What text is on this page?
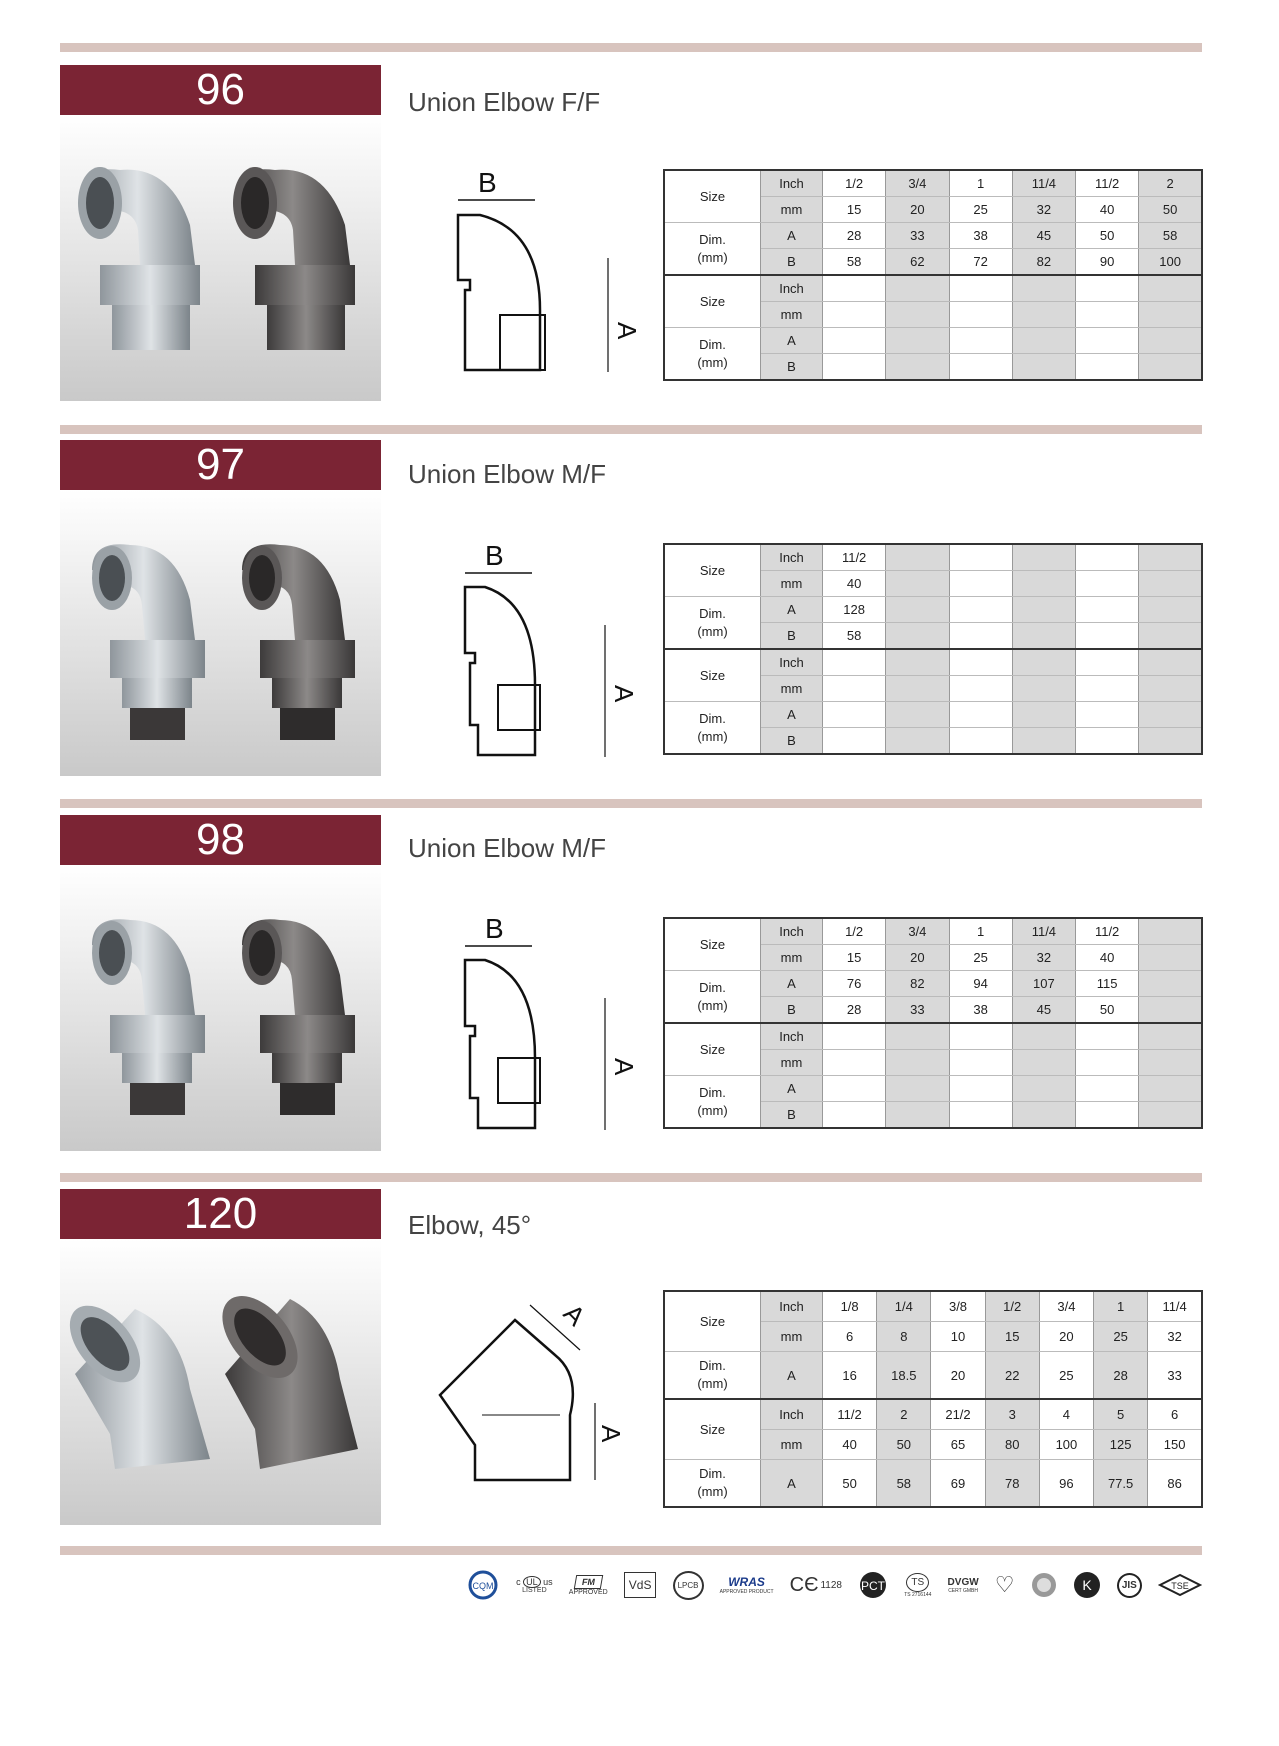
96	Union Elbow F/F
B
A
Size	Inch	1/2	3/4	1	11/4	11/2	2
	mm	15	20	25	32	40	50
Dim.
(mm)	A	28	33	38	45	50	58
	B	58	62	72	82	90	100
Size	Inch						
	mm						
Dim.
(mm)	A						
	B						
97	Union Elbow M/F
B
A
Size	Inch	11/2					
	mm	40					
Dim.
(mm)	A	128					
	B	58					
Size	Inch						
	mm						
Dim.
(mm)	A						
	B						
98	Union Elbow M/F
B
A
Size	Inch	1/2	3/4	1	11/4	11/2	
	mm	15	20	25	32	40	
Dim.
(mm)	A	76	82	94	107	115	
	B	28	33	38	45	50	
Size	Inch						
	mm						
Dim.
(mm)	A						
	B						
120	Elbow, 45°
A
A
Size	Inch	1/8	1/4	3/8	1/2	3/4	1	11/4
	mm	6	8	10	15	20	25	32
Dim.
(mm)	A	16	18.5	20	22	25	28	33
Size	Inch	11/2	2	21/2	3	4	5	6
	mm	40	50	65	80	100	125	150
Dim.
(mm)	A	50	58	69	78	96	77.5	86
CQM	c UL us
LISTED
FM
APPROVED	VdS	LPCB	WRAS
APPROVED PRODUCT CЄ 1128 PCT	TS
TS 2716144
DVGW
CERT GMBH ♡	K	JIS	TSE
